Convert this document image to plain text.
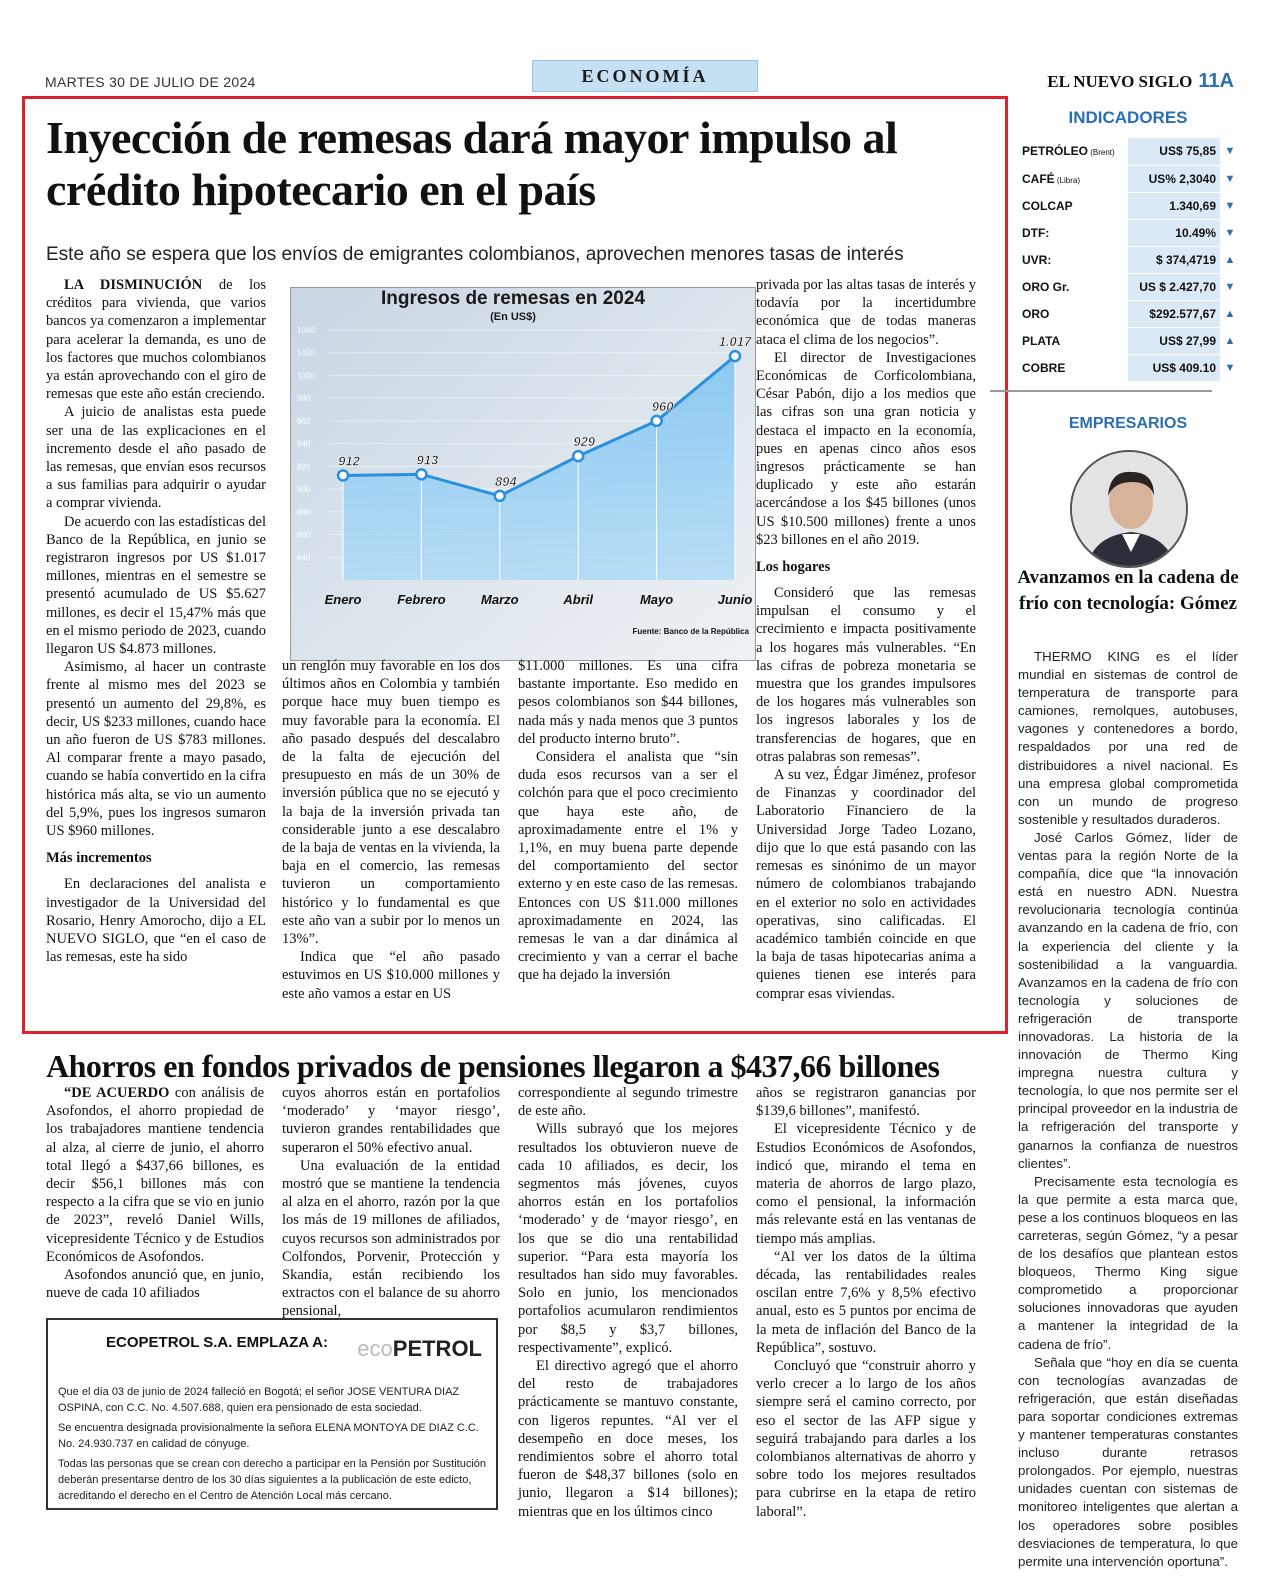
MARTES 30 DE JULIO DE 2024	ECONOMÍA	EL NUEVO SIGLO 11A
Inyección de remesas dará mayor impulso al crédito hipotecario en el país
Este año se espera que los envíos de emigrantes colombianos, aprovechen menores tasas de interés

LA DISMINUCIÓN de los créditos para vivienda, que varios bancos ya comenzaron a implementar para acelerar la demanda, es uno de los factores que muchos colombianos ya están aprovechando con el giro de remesas que este año están creciendo.

A juicio de analistas esta puede ser una de las explicaciones en el incremento desde el año pasado de las remesas, que envían esos recursos a sus familias para adquirir o ayudar a comprar vivienda.

De acuerdo con las estadísticas del Banco de la República, en junio se registraron ingresos por US $1.017 millones, mientras en el semestre se presentó acumulado de US $5.627 millones, es decir el 15,47% más que en el mismo periodo de 2023, cuando llegaron US $4.873 millones.

Asimismo, al hacer un contraste frente al mismo mes del 2023 se presentó un aumento del 29,8%, es decir, US $233 millones, cuando hace un año fueron de US $783 millones. Al comparar frente a mayo pasado, cuando se había convertido en la cifra histórica más alta, se vio un aumento del 5,9%, pues los ingresos sumaron US $960 millones.

Más incrementos

En declaraciones del analista e investigador de la Universidad del Rosario, Henry Amorocho, dijo a EL NUEVO SIGLO, que “en el caso de las remesas, este ha sido

Ingresos de remesas en 2024
(En US$)
840
860
880
900
920
940
960
980
1000
1020
1040
912
Enero
913
Febrero
894
Marzo
929
Abril
960
Mayo
1.017
Junio
Fuente: Banco de la República

un renglón muy favorable en los dos últimos años en Colombia y también porque hace muy buen tiempo es muy favorable para la economía. El año pasado después del descalabro de la falta de ejecución del presupuesto en más de un 30% de inversión pública que no se ejecutó y la baja de la inversión privada tan considerable junto a ese descalabro de la baja de ventas en la vivienda, la baja en el comercio, las remesas tuvieron un comportamiento histórico y lo fundamental es que este año van a subir por lo menos un 13%”.

Indica que “el año pasado estuvimos en US $10.000 millones y este año vamos a estar en US

$11.000 millones. Es una cifra bastante importante. Eso medido en pesos colombianos son $44 billones, nada más y nada menos que 3 puntos del producto interno bruto”.

Considera el analista que “sin duda esos recursos van a ser el colchón para que el poco crecimiento que haya este año, de aproximadamente entre el 1% y 1,1%, en muy buena parte depende del comportamiento del sector externo y en este caso de las remesas. Entonces con US $11.000 millones aproximadamente en 2024, las remesas le van a dar dinámica al crecimiento y van a cerrar el bache que ha dejado la inversión

privada por las altas tasas de interés y todavía por la incertidumbre económica que de todas maneras ataca el clima de los negocios”.

El director de Investigaciones Económicas de Corficolombiana, César Pabón, dijo a los medios que las cifras son una gran noticia y destaca el impacto en la economía, pues en apenas cinco años esos ingresos prácticamente se han duplicado y este año estarán acercándose a los $45 billones (unos US $10.500 millones) frente a unos $23 billones en el año 2019.

Los hogares

Consideró que las remesas impulsan el consumo y el crecimiento e impacta positivamente a los hogares más vulnerables. “En las cifras de pobreza monetaria se muestra que los grandes impulsores de los hogares más vulnerables son los ingresos laborales y los de transferencias de hogares, que en otras palabras son remesas”.

A su vez, Édgar Jiménez, profesor de Finanzas y coordinador del Laboratorio Financiero de la Universidad Jorge Tadeo Lozano, dijo que lo que está pasando con las remesas es sinónimo de un mayor número de colombianos trabajando en el exterior no solo en actividades operativas, sino calificadas. El académico también coincide en que la baja de tasas hipotecarias anima a quienes tienen ese interés para comprar esas viviendas.

INDICADORES
PETRÓLEO (Brent)	US$ 75,85	▼
CAFÉ (Libra)	US% 2,3040	▼
COLCAP	1.340,69	▼
DTF:	10.49%	▼
UVR:	$ 374,4719	▲
ORO Gr.	US $ 2.427,70	▼
ORO	$292.577,67	▲
PLATA	US$ 27,99	▲
COBRE	US$ 409.10	▼
EMPRESARIOS
Avanzamos en la cadena de frío con tecnología: Gómez

THERMO KING es el líder mundial en sistemas de control de temperatura de transporte para camiones, remolques, autobuses, vagones y contenedores a bordo, respaldados por una red de distribuidores a nivel nacional. Es una empresa global comprometida con un mundo de progreso sostenible y resultados duraderos.

José Carlos Gómez, líder de ventas para la región Norte de la compañía, dice que “la innovación está en nuestro ADN. Nuestra revolucionaria tecnología continúa avanzando en la cadena de frío, con la experiencia del cliente y la sostenibilidad a la vanguardia. Avanzamos en la cadena de frío con tecnología y soluciones de refrigeración de transporte innovadoras. La historia de la innovación de Thermo King impregna nuestra cultura y tecnología, lo que nos permite ser el principal proveedor en la industria de la refrigeración del transporte y ganarnos la confianza de nuestros clientes”.

Precisamente esta tecnología es la que permite a esta marca que, pese a los continuos bloqueos en las carreteras, según Gómez, “y a pesar de los desafíos que plantean estos bloqueos, Thermo King sigue comprometido a proporcionar soluciones innovadoras que ayuden a mantener la integridad de la cadena de frío”.

Señala que “hoy en día se cuenta con tecnologías avanzadas de refrigeración, que están diseñadas para soportar condiciones extremas y mantener temperaturas constantes incluso durante retrasos prolongados. Por ejemplo, nuestras unidades cuentan con sistemas de monitoreo inteligentes que alertan a los operadores sobre posibles desviaciones de temperatura, lo que permite una intervención oportuna”.

Ahorros en fondos privados de pensiones llegaron a $437,66 billones

“DE ACUERDO con análisis de Asofondos, el ahorro propiedad de los trabajadores mantiene tendencia al alza, al cierre de junio, el ahorro total llegó a $437,66 billones, es decir $56,1 billones más con respecto a la cifra que se vio en junio de 2023”, reveló Daniel Wills, vicepresidente Técnico y de Estudios Económicos de Asofondos.

Asofondos anunció que, en junio, nueve de cada 10 afiliados

cuyos ahorros están en portafolios ‘moderado’ y ‘mayor riesgo’, tuvieron grandes rentabilidades que superaron el 50% efectivo anual.

Una evaluación de la entidad mostró que se mantiene la tendencia al alza en el ahorro, razón por la que los más de 19 millones de afiliados, cuyos recursos son administrados por Colfondos, Porvenir, Protección y Skandia, están recibiendo los extractos con el balance de su ahorro pensional,

correspondiente al segundo trimestre de este año.

Wills subrayó que los mejores resultados los obtuvieron nueve de cada 10 afiliados, es decir, los segmentos más jóvenes, cuyos ahorros están en los portafolios ‘moderado’ y de ‘mayor riesgo’, en los que se dio una rentabilidad superior. “Para esta mayoría los resultados han sido muy favorables. Solo en junio, los mencionados portafolios acumularon rendimientos por $8,5 y $3,7 billones, respectivamente”, explicó.

El directivo agregó que el ahorro del resto de trabajadores prácticamente se mantuvo constante, con ligeros repuntes. “Al ver el desempeño en doce meses, los rendimientos sobre el ahorro total fueron de $48,37 billones (solo en junio, llegaron a $14 billones); mientras que en los últimos cinco

años se registraron ganancias por $139,6 billones”, manifestó.

El vicepresidente Técnico y de Estudios Económicos de Asofondos, indicó que, mirando el tema en materia de ahorros de largo plazo, como el pensional, la información más relevante está en las ventanas de tiempo más amplias.

“Al ver los datos de la última década, las rentabilidades reales oscilan entre 7,6% y 8,5% efectivo anual, esto es 5 puntos por encima de la meta de inflación del Banco de la República”, sostuvo.

Concluyó que “construir ahorro y verlo crecer a lo largo de los años siempre será el camino correcto, por eso el sector de las AFP sigue y seguirá trabajando para darles a los colombianos alternativas de ahorro y sobre todo los mejores resultados para cubrirse en la etapa de retiro laboral”.

ECOPETROL S.A. EMPLAZA A:	ecoPETROL

Que el día 03 de junio de 2024 falleció en Bogotá; el señor JOSE VENTURA DIAZ OSPINA, con C.C. No. 4.507.688, quien era pensionado de esta sociedad.

Se encuentra designada provisionalmente la señora ELENA MONTOYA DE DIAZ C.C. No. 24.930.737 en calidad de cónyuge.

Todas las personas que se crean con derecho a participar en la Pensión por Sustitución deberán presentarse dentro de los 30 días siguientes a la publicación de este edicto, acreditando el derecho en el Centro de Atención Local más cercano.
